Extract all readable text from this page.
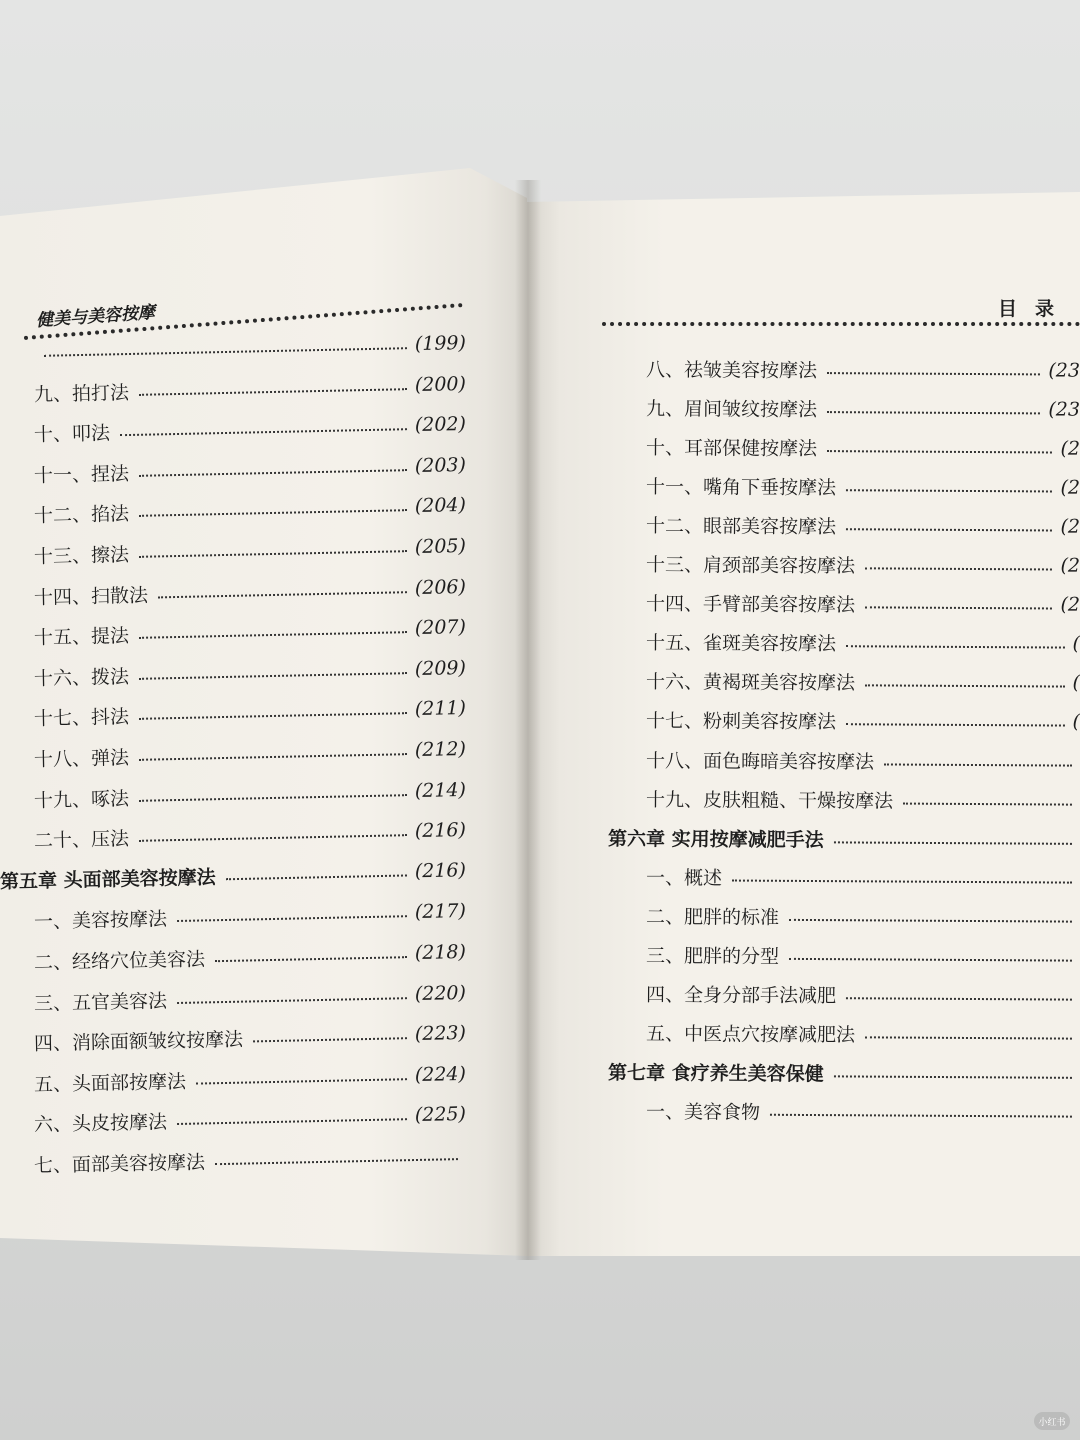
健美与美容按摩	目录
(199)
九、拍打法	(200)
十、叩法	(202)
十一、捏法	(203)
十二、掐法	(204)
十三、擦法	(205)
十四、扫散法	(206)
十五、提法	(207)
十六、拨法	(209)
十七、抖法	(211)
十八、弹法	(212)
十九、啄法	(214)
二十、压法	(216)
第五章 头面部美容按摩法	(216)
一、美容按摩法	(217)
二、经络穴位美容法	(218)
三、五官美容法	(220)
四、消除面额皱纹按摩法	(223)
五、头面部按摩法	(224)
六、头皮按摩法	(225)
七、面部美容按摩法
八、祛皱美容按摩法	(23
九、眉间皱纹按摩法	(23
十、耳部保健按摩法	(2
十一、嘴角下垂按摩法	(2
十二、眼部美容按摩法	(2
十三、肩颈部美容按摩法	(2
十四、手臂部美容按摩法	(2
十五、雀斑美容按摩法	(
十六、黄褐斑美容按摩法	(
十七、粉刺美容按摩法	(
十八、面色晦暗美容按摩法
十九、皮肤粗糙、干燥按摩法
第六章 实用按摩减肥手法
一、概述
二、肥胖的标准
三、肥胖的分型
四、全身分部手法减肥
五、中医点穴按摩减肥法
第七章 食疗养生美容保健
一、美容食物
小红书
